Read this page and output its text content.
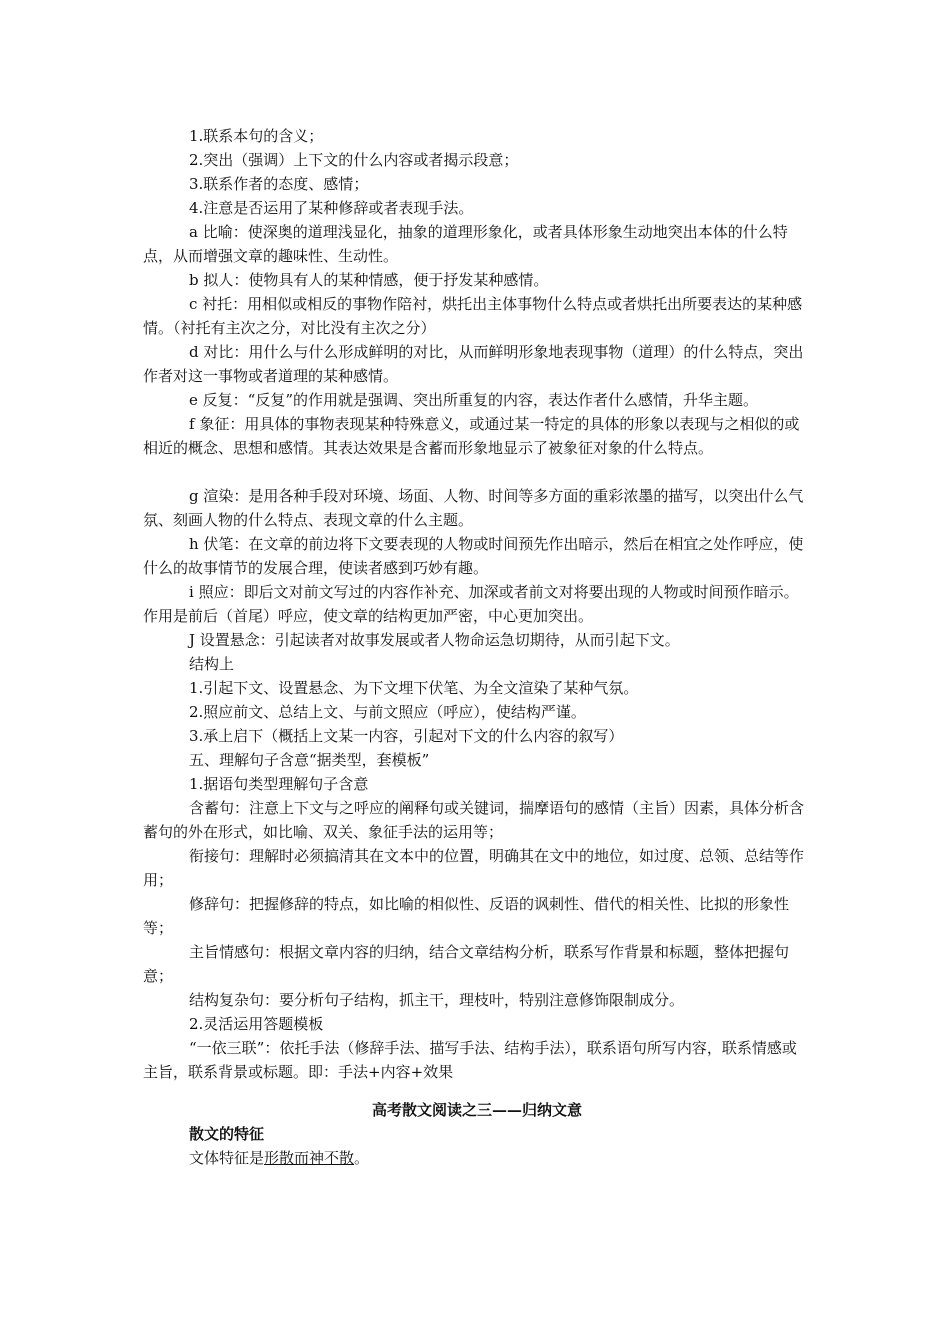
1.联系本句的含义；

2.突出（强调）上下文的什么内容或者揭示段意；

3.联系作者的态度、感情；

4.注意是否运用了某种修辞或者表现手法。

a 比喻：使深奥的道理浅显化，抽象的道理形象化，或者具体形象生动地突出本体的什么特点，从而增强文章的趣味性、生动性。

b 拟人：使物具有人的某种情感，便于抒发某种感情。

c 衬托：用相似或相反的事物作陪衬，烘托出主体事物什么特点或者烘托出所要表达的某种感情。（衬托有主次之分，对比没有主次之分）

d 对比：用什么与什么形成鲜明的对比，从而鲜明形象地表现事物（道理）的什么特点，突出作者对这一事物或者道理的某种感情。

e 反复：“反复”的作用就是强调、突出所重复的内容，表达作者什么感情，升华主题。

f 象征：用具体的事物表现某种特殊意义，或通过某一特定的具体的形象以表现与之相似的或相近的概念、思想和感情。其表达效果是含蓄而形象地显示了被象征对象的什么特点。

g 渲染：是用各种手段对环境、场面、人物、时间等多方面的重彩浓墨的描写，以突出什么气氛、刻画人物的什么特点、表现文章的什么主题。

h 伏笔：在文章的前边将下文要表现的人物或时间预先作出暗示，然后在相宜之处作呼应，使什么的故事情节的发展合理，使读者感到巧妙有趣。

i 照应：即后文对前文写过的内容作补充、加深或者前文对将要出现的人物或时间预作暗示。作用是前后（首尾）呼应，使文章的结构更加严密，中心更加突出。

J 设置悬念：引起读者对故事发展或者人物命运急切期待，从而引起下文。

结构上

1.引起下文、设置悬念、为下文埋下伏笔、为全文渲染了某种气氛。

2.照应前文、总结上文、与前文照应（呼应），使结构严谨。

3.承上启下（概括上文某一内容，引起对下文的什么内容的叙写）

五、理解句子含意“据类型，套模板”

1.据语句类型理解句子含意

含蓄句：注意上下文与之呼应的阐释句或关键词，揣摩语句的感情（主旨）因素，具体分析含蓄句的外在形式，如比喻、双关、象征手法的运用等；

衔接句：理解时必须搞清其在文本中的位置，明确其在文中的地位，如过度、总领、总结等作用；

修辞句：把握修辞的特点，如比喻的相似性、反语的讽刺性、借代的相关性、比拟的形象性等；

主旨情感句：根据文章内容的归纳，结合文章结构分析，联系写作背景和标题，整体把握句意；

结构复杂句：要分析句子结构，抓主干，理枝叶，特别注意修饰限制成分。

2.灵活运用答题模板

“一依三联”：依托手法（修辞手法、描写手法、结构手法），联系语句所写内容，联系情感或主旨，联系背景或标题。即：手法+内容+效果

高考散文阅读之三——归纳文意

散文的特征

文体特征是形散而神不散。
